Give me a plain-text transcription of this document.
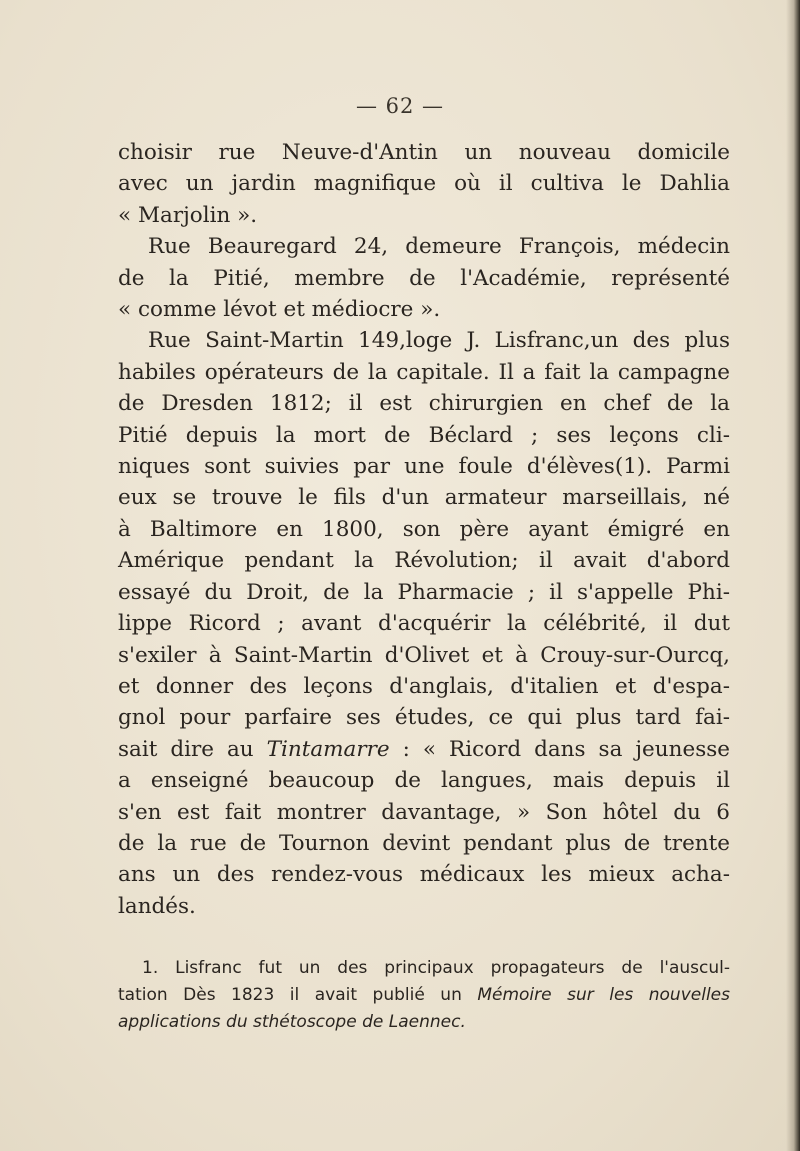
— 62 —
choisir rue Neuve-d'Antin un nouveau domicile
avec un jardin magnifique où il cultiva le Dahlia
« Marjolin ».
Rue Beauregard 24, demeure François, médecin
de la Pitié, membre de l'Académie, représenté
« comme lévot et médiocre ».
Rue Saint-Martin 149,loge J. Lisfranc,un des plus
habiles opérateurs de la capitale. Il a fait la campagne
de Dresden 1812; il est chirurgien en chef de la
Pitié depuis la mort de Béclard ; ses leçons cli-
niques sont suivies par une foule d'élèves(1). Parmi
eux se trouve le fils d'un armateur marseillais, né
à Baltimore en 1800, son père ayant émigré en
Amérique pendant la Révolution; il avait d'abord
essayé du Droit, de la Pharmacie ; il s'appelle Phi-
lippe Ricord ; avant d'acquérir la célébrité, il dut
s'exiler à Saint-Martin d'Olivet et à Crouy-sur-Ourcq,
et donner des leçons d'anglais, d'italien et d'espa-
gnol pour parfaire ses études, ce qui plus tard fai-
sait dire au Tintamarre : « Ricord dans sa jeunesse
a enseigné beaucoup de langues, mais depuis il
s'en est fait montrer davantage, » Son hôtel du 6
de la rue de Tournon devint pendant plus de trente
ans un des rendez-vous médicaux les mieux acha-
landés.
1. Lisfranc fut un des principaux propagateurs de l'auscul-
tation Dès 1823 il avait publié un Mémoire sur les nouvelles
applications du sthétoscope de Laennec.
